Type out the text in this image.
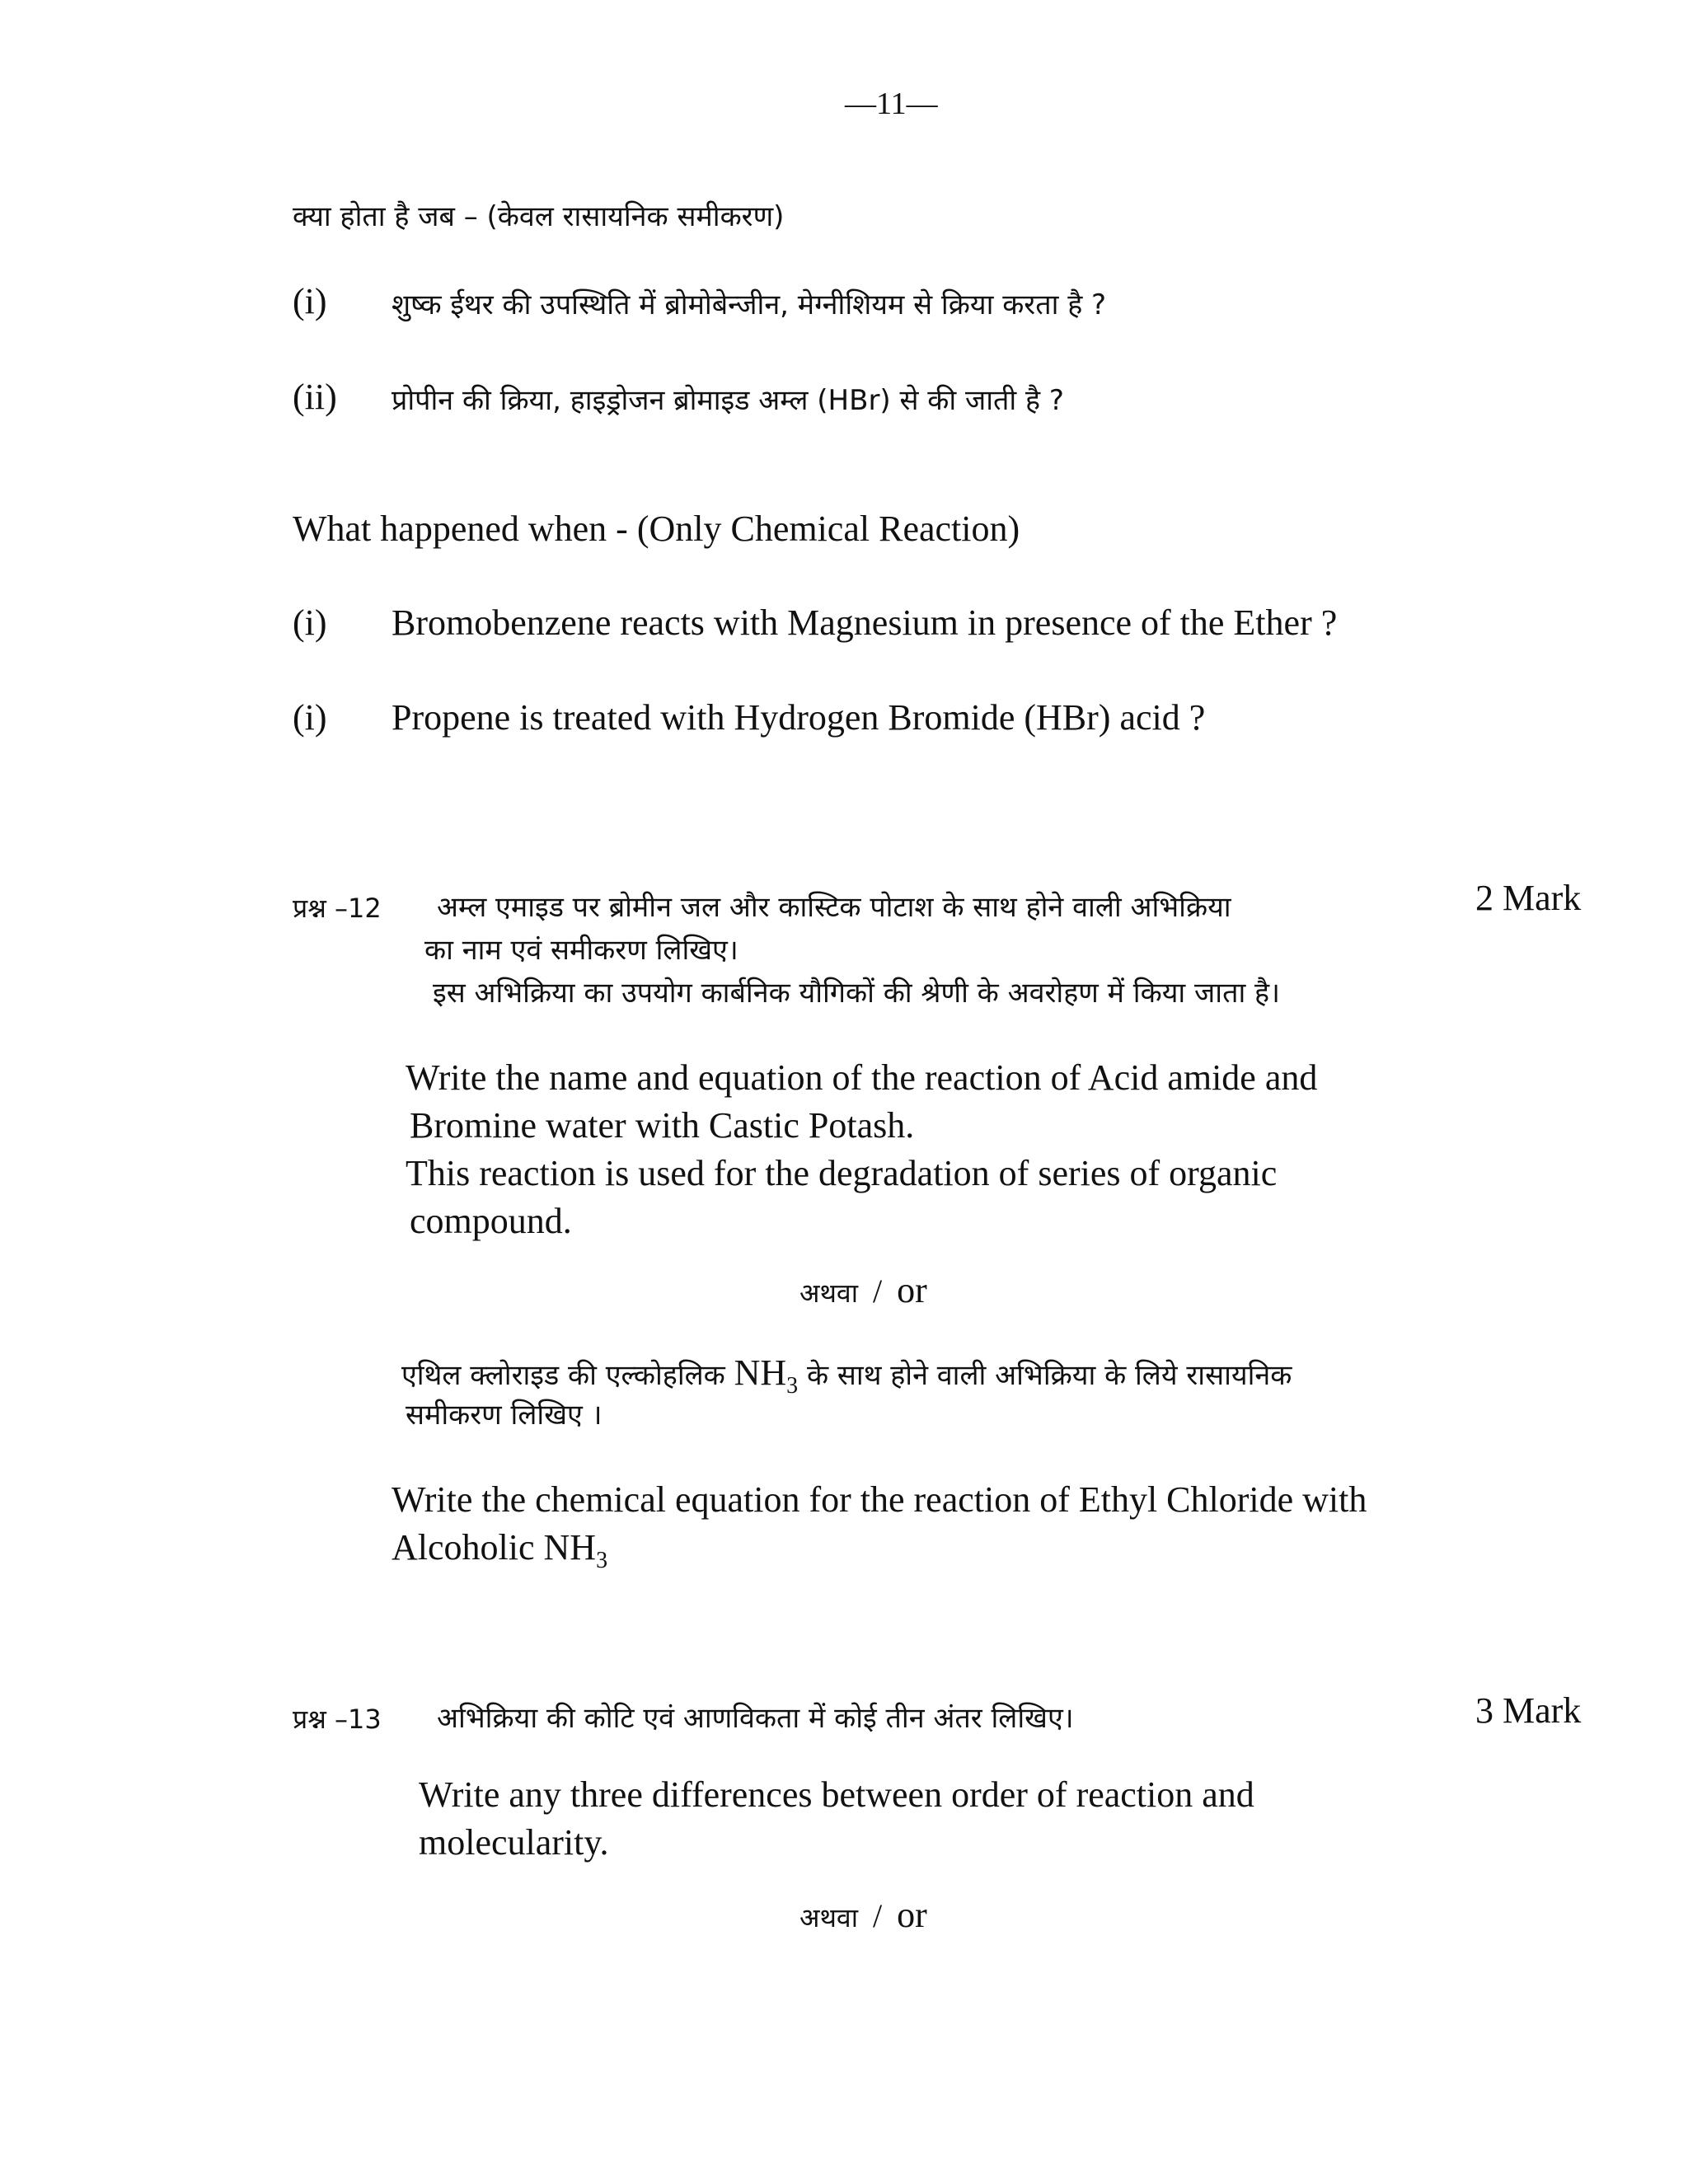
—11—
क्या होता है जब – (केवल रासायनिक समीकरण)
(i) शुष्क ईथर की उपस्थिति में ब्रोमोबेन्जीन, मेग्नीशियम से क्रिया करता है ?
(ii) प्रोपीन की क्रिया, हाइड्रोजन ब्रोमाइड अम्ल (HBr) से की जाती है ?
What happened when - (Only Chemical Reaction)
(i) Bromobenzene reacts with Magnesium in presence of the Ether ?
(i) Propene is treated with Hydrogen Bromide (HBr) acid ?
प्रश्न –12 अम्ल एमाइड पर ब्रोमीन जल और कास्टिक पोटाश के साथ होने वाली अभिक्रिया	2 Mark
का नाम एवं समीकरण लिखिए।
इस अभिक्रिया का उपयोग कार्बनिक यौगिकों की श्रेणी के अवरोहण में किया जाता है।
Write the name and equation of the reaction of Acid amide and
Bromine water with Castic Potash.
This reaction is used for the degradation of series of organic
compound.
अथवा / or
एथिल क्लोराइड की एल्कोहलिक $NH_3$ के साथ होने वाली अभिक्रिया के लिये रासायनिक
समीकरण लिखिए ।
Write the chemical equation for the reaction of Ethyl Chloride with
Alcoholic $NH_3$
प्रश्न –13 अभिक्रिया की कोटि एवं आणविकता में कोई तीन अंतर लिखिए।	3 Mark
Write any three differences between order of reaction and
molecularity.
अथवा / or
